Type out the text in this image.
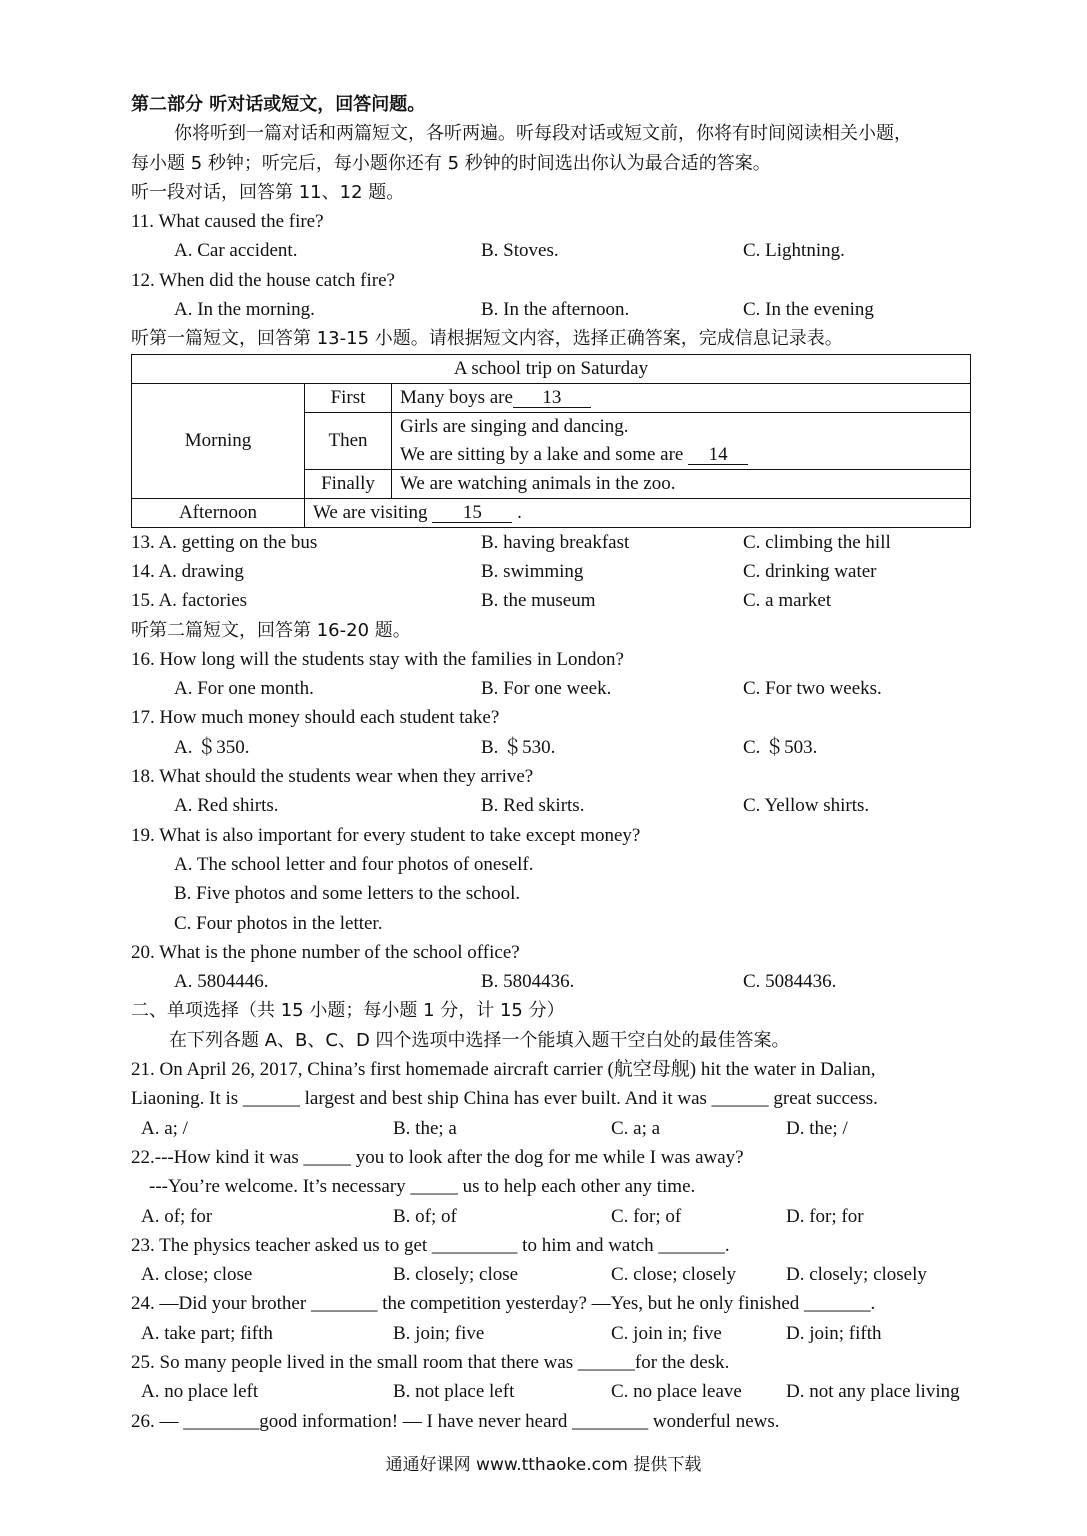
第二部分 听对话或短文，回答问题。
你将听到一篇对话和两篇短文，各听两遍。听每段对话或短文前，你将有时间阅读相关小题，
每小题 5 秒钟；听完后，每小题你还有 5 秒钟的时间选出你认为最合适的答案。
听一段对话，回答第 11、12 题。
11. What caused the fire?
A. Car accident.	B. Stoves.	C. Lightning.
12. When did the house catch fire?
A. In the morning.	B. In the afternoon.	C. In the evening
听第一篇短文，回答第 13-15 小题。请根据短文内容，选择正确答案，完成信息记录表。
A school trip on Saturday		
Morning	First	Many boys are 13
	Then	Girls are singing and dancing.
		We are sitting by a lake and some are 14
	Finally	We are watching animals in the zoo.
Afternoon	We are visiting 15 .	
13. A. getting on the bus	B. having breakfast	C. climbing the hill
14. A. drawing	B. swimming	C. drinking water
15. A. factories	B. the museum	C. a market
听第二篇短文，回答第 16-20 题。
16. How long will the students stay with the families in London?
A. For one month.	B. For one week.	C. For two weeks.
17. How much money should each student take?
A. ＄350.	B. ＄530.	C. ＄503.
18. What should the students wear when they arrive?
A. Red shirts.	B. Red skirts.	C. Yellow shirts.
19. What is also important for every student to take except money?
A. The school letter and four photos of oneself.
B. Five photos and some letters to the school.
C. Four photos in the letter.
20. What is the phone number of the school office?
A. 5804446.	B. 5804436.	C. 5084436.
二、单项选择（共 15 小题；每小题 1 分，计 15 分）
在下列各题 A、B、C、D 四个选项中选择一个能填入题干空白处的最佳答案。
21. On April 26, 2017, China’s first homemade aircraft carrier (航空母舰) hit the water in Dalian,
Liaoning. It is ______ largest and best ship China has ever built. And it was ______ great success.
A. a; /	B. the; a	C. a; a	D. the; /
22.---How kind it was _____ you to look after the dog for me while I was away?
---You’re welcome. It’s necessary _____ us to help each other any time.
A. of; for	B. of; of	C. for; of	D. for; for
23. The physics teacher asked us to get _________ to him and watch _______.
A. close; close	B. closely; close	C. close; closely	D. closely; closely
24. —Did your brother _______ the competition yesterday? —Yes, but he only finished _______.
A. take part; fifth	B. join; five	C. join in; five	D. join; fifth
25. So many people lived in the small room that there was ______for the desk.
A. no place left	B. not place left	C. no place leave D. not any place living
26. — ________good information! — I have never heard ________ wonderful news.
通通好课网 www.tthaoke.com 提供下载
